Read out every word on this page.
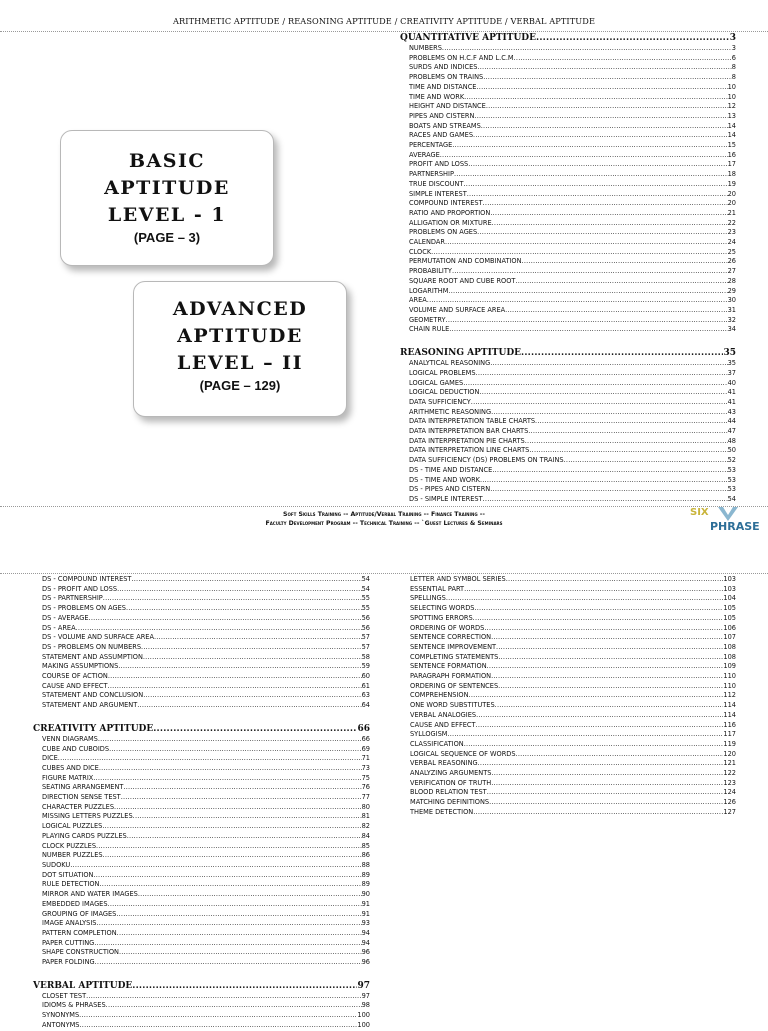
ARITHMETIC APTITUDE / REASONING APTITUDE / CREATIVITY APTITUDE / VERBAL APTITUDE
BASIC
APTITUDE
LEVEL - 1
(PAGE – 3)
ADVANCED
APTITUDE
LEVEL – II
(PAGE – 129)
QUANTITATIVE APTITUDE .....	3
NUMBERS .....	3
PROBLEMS ON H.C.F AND L.C.M .....	6
SURDS AND INDICES .....	8
PROBLEMS ON TRAINS .....	8
TIME AND DISTANCE .....	10
TIME AND WORK .....	10
HEIGHT AND DISTANCE .....	12
PIPES AND CISTERN .....	13
BOATS AND STREAMS .....	14
RACES AND GAMES .....	14
PERCENTAGE .....	15
AVERAGE .....	16
PROFIT AND LOSS .....	17
PARTNERSHIP .....	18
TRUE DISCOUNT .....	19
SIMPLE INTEREST .....	20
COMPOUND INTEREST .....	20
RATIO AND PROPORTION .....	21
ALLIGATION OR MIXTURE .....	22
PROBLEMS ON AGES .....	23
CALENDAR .....	24
CLOCK .....	25
PERMUTATION AND COMBINATION .....	26
PROBABILITY .....	27
SQUARE ROOT AND CUBE ROOT .....	28
LOGARITHM .....	29
AREA .....	30
VOLUME AND SURFACE AREA .....	31
GEOMETRY .....	32
CHAIN RULE .....	34
REASONING APTITUDE .....	35
ANALYTICAL REASONING .....	35
LOGICAL PROBLEMS .....	37
LOGICAL GAMES .....	40
LOGICAL DEDUCTION .....	41
DATA SUFFICIENCY .....	41
ARITHMETIC REASONING .....	43
DATA INTERPRETATION TABLE CHARTS .....	44
DATA INTERPRETATION BAR CHARTS .....	47
DATA INTERPRETATION PIE CHARTS .....	48
DATA INTERPRETATION LINE CHARTS .....	50
DATA SUFFICIENCY (DS) PROBLEMS ON TRAINS .....	52
DS - TIME AND DISTANCE .....	53
DS - TIME AND WORK .....	53
DS - PIPES AND CISTERN .....	53
DS - SIMPLE INTEREST .....	54
Soft Skills Training -- Aptitude/Verbal Training -- Finance Training --
Faculty Development Program -- Technical Training -- `Guest Lectures & Seminars
SIX
PHRASE
DS - COMPOUND INTEREST .....	54
DS - PROFIT AND LOSS .....	54
DS - PARTNERSHIP .....	55
DS - PROBLEMS ON AGES .....	55
DS - AVERAGE .....	56
DS - AREA .....	56
DS - VOLUME AND SURFACE AREA .....	57
DS - PROBLEMS ON NUMBERS .....	57
STATEMENT AND ASSUMPTION .....	58
MAKING ASSUMPTIONS .....	59
COURSE OF ACTION .....	60
CAUSE AND EFFECT .....	61
STATEMENT AND CONCLUSION .....	63
STATEMENT AND ARGUMENT .....	64
CREATIVITY APTITUDE .....	66
VENN DIAGRAMS .....	66
CUBE AND CUBOIDS .....	69
DICE .....	71
CUBES AND DICE .....	73
FIGURE MATRIX .....	75
SEATING ARRANGEMENT .....	76
DIRECTION SENSE TEST .....	77
CHARACTER PUZZLES .....	80
MISSING LETTERS PUZZLES .....	81
LOGICAL PUZZLES .....	82
PLAYING CARDS PUZZLES .....	84
CLOCK PUZZLES .....	85
NUMBER PUZZLES .....	86
SUDOKU .....	88
DOT SITUATION .....	89
RULE DETECTION .....	89
MIRROR AND WATER IMAGES .....	90
EMBEDDED IMAGES .....	91
GROUPING OF IMAGES .....	91
IMAGE ANALYSIS .....	93
PATTERN COMPLETION .....	94
PAPER CUTTING .....	94
SHAPE CONSTRUCTION .....	96
PAPER FOLDING .....	96
VERBAL APTITUDE .....	97
CLOSET TEST .....	97
IDIOMS & PHRASES .....	98
SYNONYMS .....	100
ANTONYMS .....	100
LETTER AND SYMBOL SERIES .....	103
ESSENTIAL PART .....	103
SPELLINGS .....	104
SELECTING WORDS .....	105
SPOTTING ERRORS .....	105
ORDERING OF WORDS .....	106
SENTENCE CORRECTION .....	107
SENTENCE IMPROVEMENT .....	108
COMPLETING STATEMENTS .....	108
SENTENCE FORMATION .....	109
PARAGRAPH FORMATION .....	110
ORDERING OF SENTENCES .....	110
COMPREHENSION .....	112
ONE WORD SUBSTITUTES .....	114
VERBAL ANALOGIES .....	114
CAUSE AND EFFECT .....	116
SYLLOGISM .....	117
CLASSIFICATION .....	119
LOGICAL SEQUENCE OF WORDS .....	120
VERBAL REASONING .....	121
ANALYZING ARGUMENTS .....	122
VERIFICATION OF TRUTH .....	123
BLOOD RELATION TEST .....	124
MATCHING DEFINITIONS .....	126
THEME DETECTION .....	127
